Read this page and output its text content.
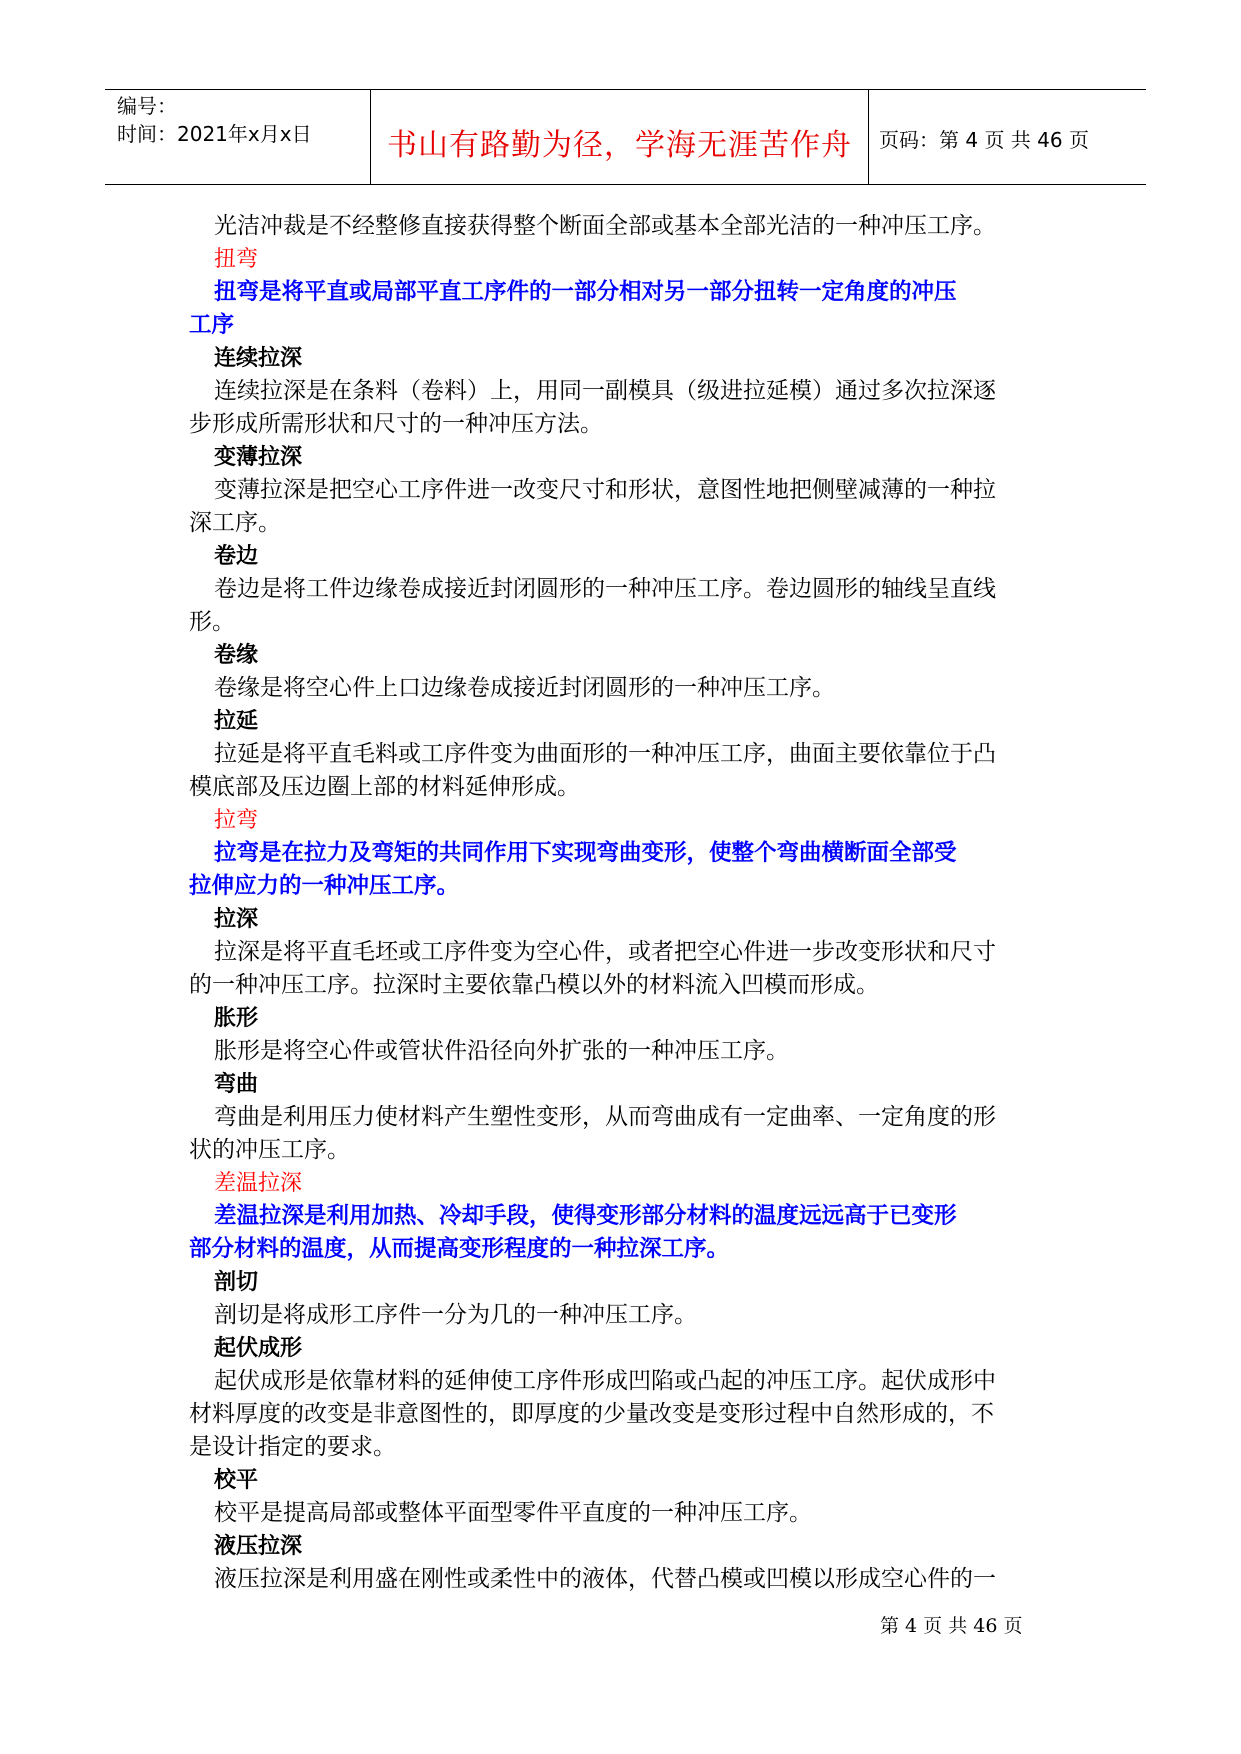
编号：
时间：2021年x月x日	书山有路勤为径，学海无涯苦作舟	页码：第 4 页 共 46 页
光洁冲裁是不经整修直接获得整个断面全部或基本全部光洁的一种冲压工序。
扭弯
扭弯是将平直或局部平直工序件的一部分相对另一部分扭转一定角度的冲压
工序
连续拉深
连续拉深是在条料（卷料）上，用同一副模具（级进拉延模）通过多次拉深逐
步形成所需形状和尺寸的一种冲压方法。
变薄拉深
变薄拉深是把空心工序件进一改变尺寸和形状，意图性地把侧壁减薄的一种拉
深工序。
卷边
卷边是将工件边缘卷成接近封闭圆形的一种冲压工序。卷边圆形的轴线呈直线
形。
卷缘
卷缘是将空心件上口边缘卷成接近封闭圆形的一种冲压工序。
拉延
拉延是将平直毛料或工序件变为曲面形的一种冲压工序，曲面主要依靠位于凸
模底部及压边圈上部的材料延伸形成。
拉弯
拉弯是在拉力及弯矩的共同作用下实现弯曲变形，使整个弯曲横断面全部受
拉伸应力的一种冲压工序。
拉深
拉深是将平直毛坯或工序件变为空心件，或者把空心件进一步改变形状和尺寸
的一种冲压工序。拉深时主要依靠凸模以外的材料流入凹模而形成。
胀形
胀形是将空心件或管状件沿径向外扩张的一种冲压工序。
弯曲
弯曲是利用压力使材料产生塑性变形，从而弯曲成有一定曲率、一定角度的形
状的冲压工序。
差温拉深
差温拉深是利用加热、冷却手段，使得变形部分材料的温度远远高于已变形
部分材料的温度，从而提高变形程度的一种拉深工序。
剖切
剖切是将成形工序件一分为几的一种冲压工序。
起伏成形
起伏成形是依靠材料的延伸使工序件形成凹陷或凸起的冲压工序。起伏成形中
材料厚度的改变是非意图性的，即厚度的少量改变是变形过程中自然形成的，不
是设计指定的要求。
校平
校平是提高局部或整体平面型零件平直度的一种冲压工序。
液压拉深
液压拉深是利用盛在刚性或柔性中的液体，代替凸模或凹模以形成空心件的一
第 4 页 共 46 页
